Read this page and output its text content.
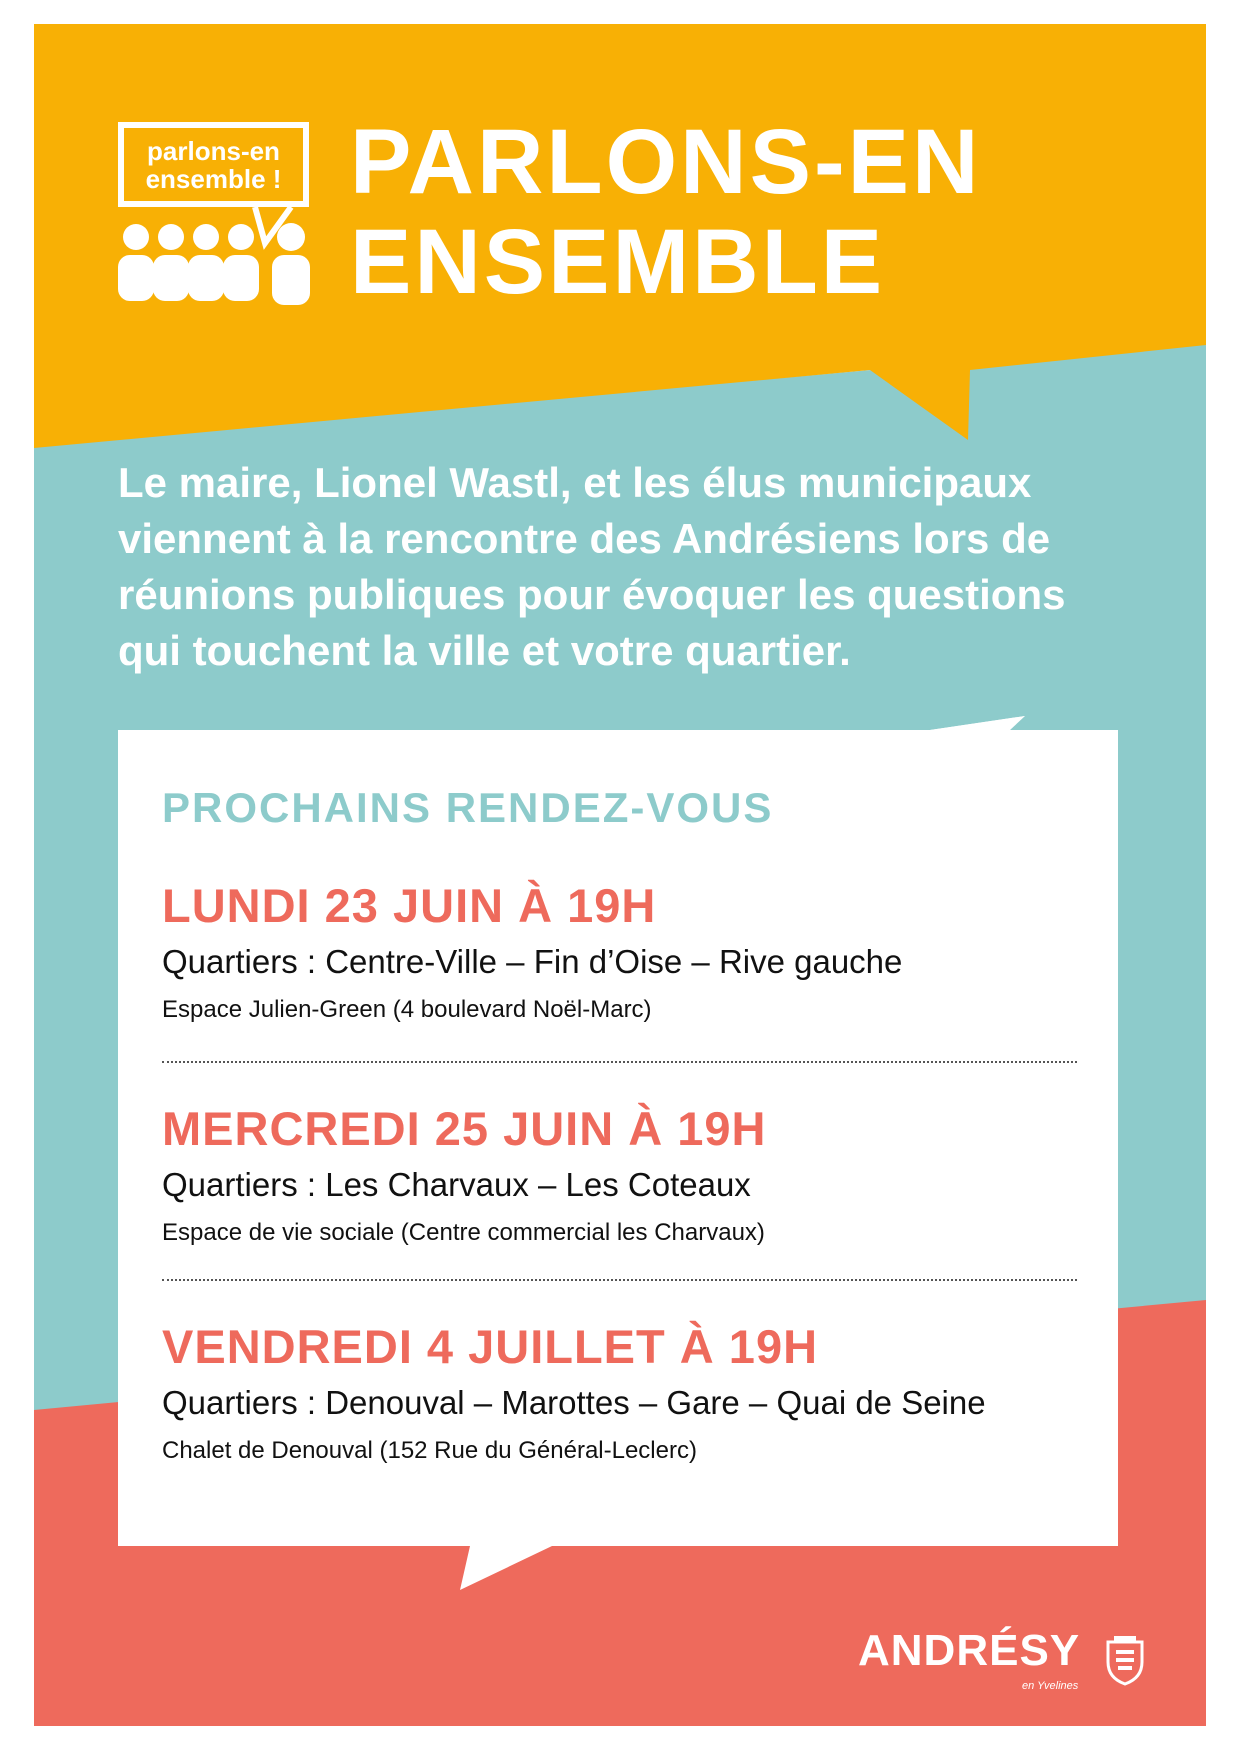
parlons-en
ensemble ! PARLONS-EN
ENSEMBLE
Le maire, Lionel Wastl, et les élus municipaux
viennent à la rencontre des Andrésiens lors de
réunions publiques pour évoquer les questions
qui touchent la ville et votre quartier.
PROCHAINS RENDEZ-VOUS
LUNDI 23 JUIN À 19H
Quartiers : Centre-Ville – Fin d’Oise – Rive gauche
Espace Julien-Green (4 boulevard Noël-Marc)
MERCREDI 25 JUIN À 19H
Quartiers : Les Charvaux – Les Coteaux
Espace de vie sociale (Centre commercial les Charvaux)
VENDREDI 4 JUILLET À 19H
Quartiers : Denouval – Marottes – Gare – Quai de Seine
Chalet de Denouval (152 Rue du Général-Leclerc)
ANDRÉSY
en Yvelines
